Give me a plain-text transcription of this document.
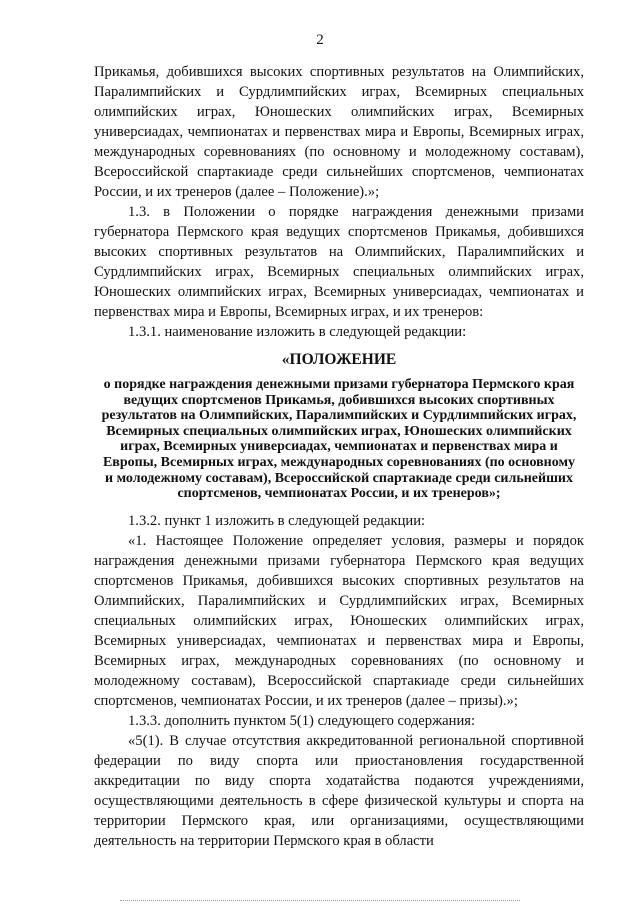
2

Прикамья, добившихся высоких спортивных результатов на Олимпийских, Паралимпийских и Сурдлимпийских играх, Всемирных специальных олимпийских играх, Юношеских олимпийских играх, Всемирных универсиадах, чемпионатах и первенствах мира и Европы, Всемирных играх, международных соревнованиях (по основному и молодежному составам), Всероссийской спартакиаде среди сильнейших спортсменов, чемпионатах России, и их тренеров (далее – Положение).»;

1.3. в Положении о порядке награждения денежными призами губернатора Пермского края ведущих спортсменов Прикамья, добившихся высоких спортивных результатов на Олимпийских, Паралимпийских и Сурдлимпийских играх, Всемирных специальных олимпийских играх, Юношеских олимпийских играх, Всемирных универсиадах, чемпионатах и первенствах мира и Европы, Всемирных играх, и их тренеров:

1.3.1. наименование изложить в следующей редакции:

«ПОЛОЖЕНИЕ
о порядке награждения денежными призами губернатора Пермского края ведущих спортсменов Прикамья, добившихся высоких спортивных результатов на Олимпийских, Паралимпийских и Сурдлимпийских играх, Всемирных специальных олимпийских играх, Юношеских олимпийских играх, Всемирных универсиадах, чемпионатах и первенствах мира и Европы, Всемирных играх, международных соревнованиях (по основному и молодежному составам), Всероссийской спартакиаде среди сильнейших спортсменов, чемпионатах России, и их тренеров»;

1.3.2. пункт 1 изложить в следующей редакции:

«1. Настоящее Положение определяет условия, размеры и порядок награждения денежными призами губернатора Пермского края ведущих спортсменов Прикамья, добившихся высоких спортивных результатов на Олимпийских, Паралимпийских и Сурдлимпийских играх, Всемирных специальных олимпийских играх, Юношеских олимпийских играх, Всемирных универсиадах, чемпионатах и первенствах мира и Европы, Всемирных играх, международных соревнованиях (по основному и молодежному составам), Всероссийской спартакиаде среди сильнейших спортсменов, чемпионатах России, и их тренеров (далее – призы).»;

1.3.3. дополнить пунктом 5(1) следующего содержания:

«5(1). В случае отсутствия аккредитованной региональной спортивной федерации по виду спорта или приостановления государственной аккредитации по виду спорта ходатайства подаются учреждениями, осуществляющими деятельность в сфере физической культуры и спорта на территории Пермского края, или организациями, осуществляющими деятельность на территории Пермского края в области
